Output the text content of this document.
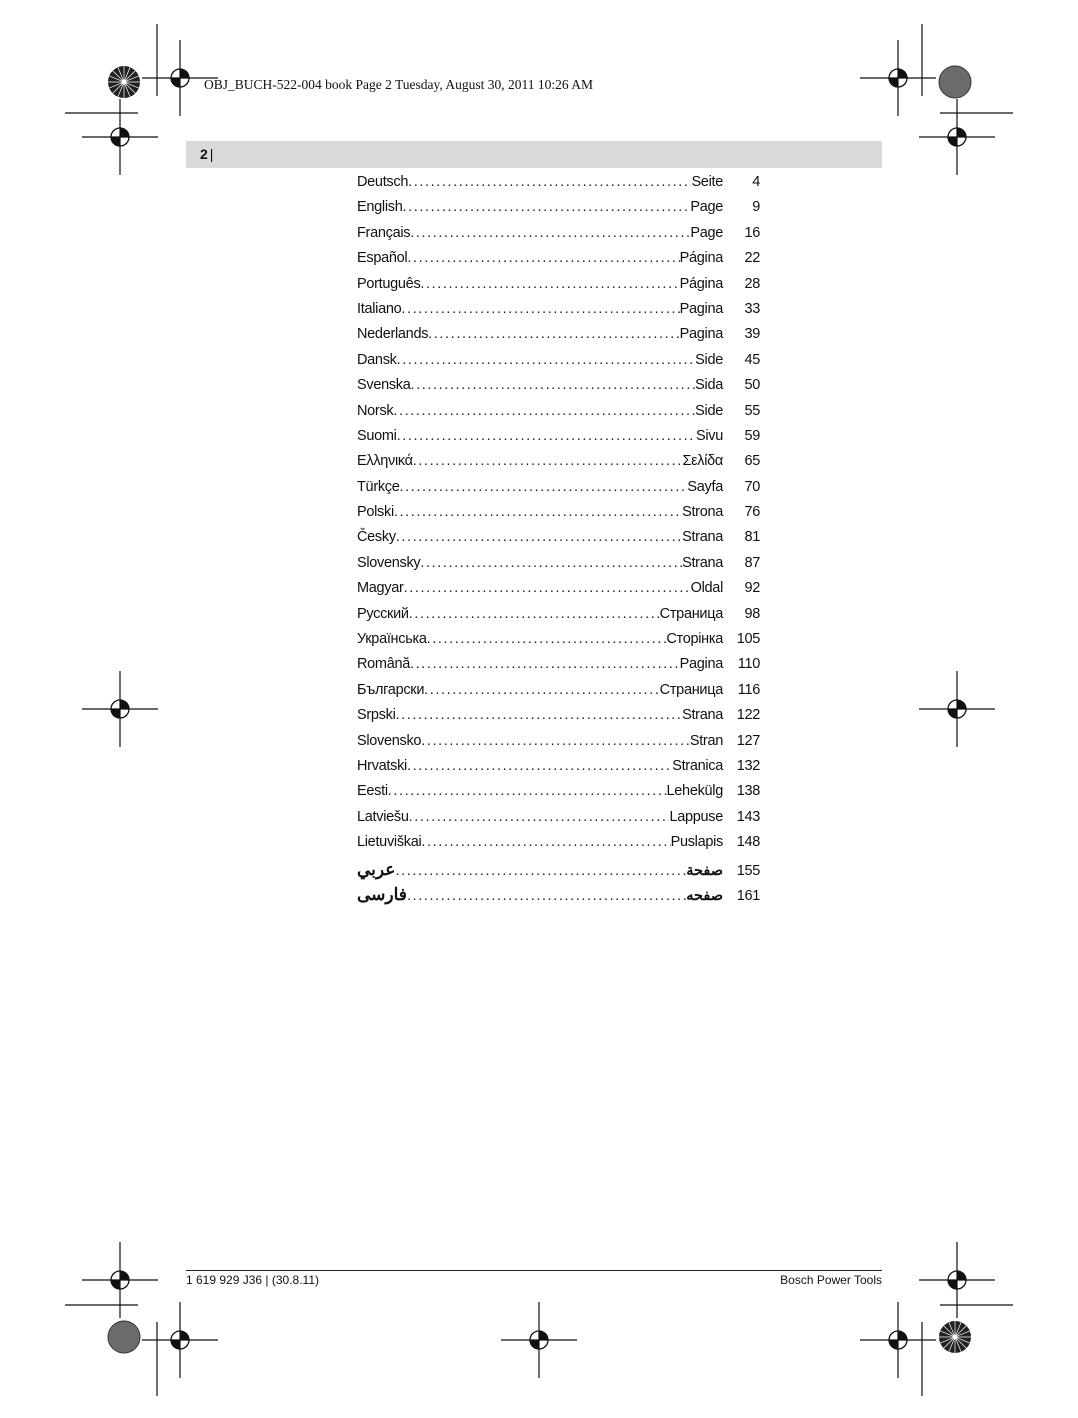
OBJ_BUCH-522-004 book Page 2 Tuesday, August 30, 2011 10:26 AM
2 |
Deutsch .....	Seite	4
English .....	Page	9
Français .....	Page	16
Español .....	Página	22
Português .....	Página	28
Italiano .....	Pagina	33
Nederlands .....	Pagina	39
Dansk .....	Side	45
Svenska .....	Sida	50
Norsk .....	Side	55
Suomi .....	Sivu	59
Ελληνικά .....	Σελίδα	65
Türkçe .....	Sayfa	70
Polski .....	Strona	76
Česky .....	Strana	81
Slovensky .....	Strana	87
Magyar .....	Oldal	92
Русский .....	Страница	98
Українська .....	Сторінка 105
Română .....	Pagina	110
Български .....	Страница	116
Srpski .....	Strana 122
Slovensko .....	Stran 127
Hrvatski .....	Stranica 132
Eesti .....	Lehekülg 138
Latviešu .....	Lappuse 143
Lietuviškai .....	Puslapis 148
عربي .....	صفحة 155
فارسی .....	صفحه 161
1 619 929 J36 | (30.8.11)	Bosch Power Tools
